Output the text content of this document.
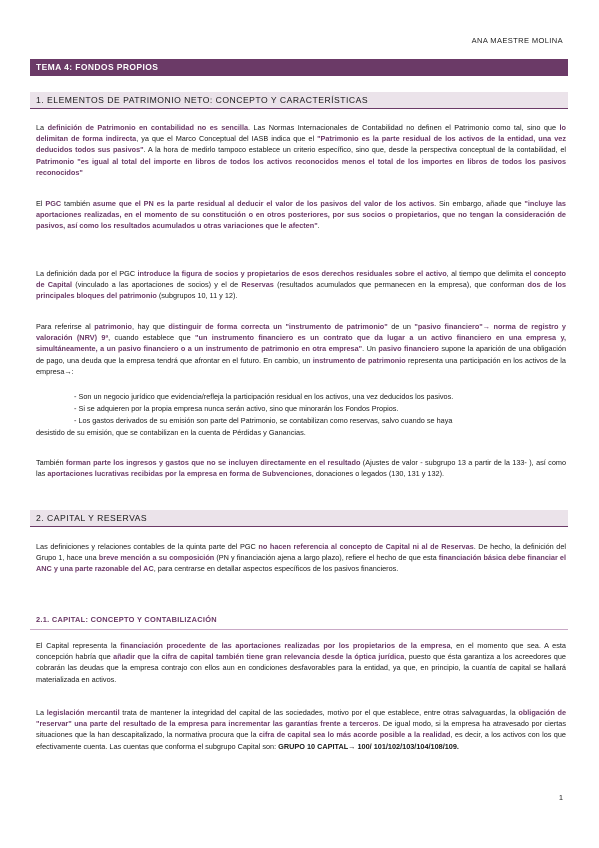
ANA MAESTRE MOLINA
TEMA 4: FONDOS PROPIOS
1. ELEMENTOS DE PATRIMONIO NETO: CONCEPTO Y CARACTERÍSTICAS

La definición de Patrimonio en contabilidad no es sencilla. Las Normas Internacionales de Contabilidad no definen el Patrimonio como tal, sino que lo delimitan de forma indirecta, ya que el Marco Conceptual del IASB indica que el "Patrimonio es la parte residual de los activos de la entidad, una vez deducidos todos sus pasivos". A la hora de medirlo tampoco establece un criterio específico, sino que, desde la perspectiva conceptual de la contabilidad, el Patrimonio "es igual al total del importe en libros de todos los activos reconocidos menos el total de los importes en libros de todos los pasivos reconocidos"

El PGC también asume que el PN es la parte residual al deducir el valor de los pasivos del valor de los activos. Sin embargo, añade que "incluye las aportaciones realizadas, en el momento de su constitución o en otros posteriores, por sus socios o propietarios, que no tengan la consideración de pasivos, así como los resultados acumulados u otras variaciones que le afecten".

La definición dada por el PGC introduce la figura de socios y propietarios de esos derechos residuales sobre el activo, al tiempo que delimita el concepto de Capital (vinculado a las aportaciones de socios) y el de Reservas (resultados acumulados que permanecen en la empresa), que conforman dos de los principales bloques del patrimonio (subgrupos 10, 11 y 12).

Para referirse al patrimonio, hay que distinguir de forma correcta un "instrumento de patrimonio" de un "pasivo financiero"→ norma de registro y valoración (NRV) 9ª, cuando establece que "un instrumento financiero es un contrato que da lugar a un activo financiero en una empresa y, simultáneamente, a un pasivo financiero o a un instrumento de patrimonio en otra empresa". Un pasivo financiero supone la aparición de una obligación de pago, una deuda que la empresa tendrá que afrontar en el futuro. En cambio, un instrumento de patrimonio representa una participación en los activos de la empresa→:

- Son un negocio jurídico que evidencia/refleja la participación residual en los activos, una vez deducidos los pasivos.

- Si se adquieren por la propia empresa nunca serán activo, sino que minorarán los Fondos Propios.

- Los gastos derivados de su emisión son parte del Patrimonio, se contabilizan como reservas, salvo cuando se haya

desistido de su emisión, que se contabilizan en la cuenta de Pérdidas y Ganancias.

También forman parte los ingresos y gastos que no se incluyen directamente en el resultado (Ajustes de valor - subgrupo 13 a partir de la 133- ), así como las aportaciones lucrativas recibidas por la empresa en forma de Subvenciones, donaciones o legados (130, 131 y 132).

2. CAPITAL Y RESERVAS

Las definiciones y relaciones contables de la quinta parte del PGC no hacen referencia al concepto de Capital ni al de Reservas. De hecho, la definición del Grupo 1, hace una breve mención a su composición (PN y financiación ajena a largo plazo), refiere el hecho de que esta financiación básica debe financiar el ANC y una parte razonable del AC, para centrarse en detallar aspectos específicos de los pasivos financieros.

2.1. CAPITAL: CONCEPTO Y CONTABILIZACIÓN

El Capital representa la financiación procedente de las aportaciones realizadas por los propietarios de la empresa, en el momento que sea. A esta concepción habría que añadir que la cifra de capital también tiene gran relevancia desde la óptica jurídica, puesto que ésta garantiza a los acreedores que cobrarán las deudas que la empresa contrajo con ellos aun en condiciones desfavorables para la entidad, ya que, en principio, la cuantía de capital se hallará materializada en activos.

La legislación mercantil trata de mantener la integridad del capital de las sociedades, motivo por el que establece, entre otras salvaguardas, la obligación de "reservar" una parte del resultado de la empresa para incrementar las garantías frente a terceros. De igual modo, si la empresa ha atravesado por ciertas situaciones que la han descapitalizado, la normativa procura que la cifra de capital sea lo más acorde posible a la realidad, es decir, a los activos con los que efectivamente cuenta. Las cuentas que conforma el subgrupo Capital son: GRUPO 10 CAPITAL→ 100/ 101/102/103/104/108/109.

1
